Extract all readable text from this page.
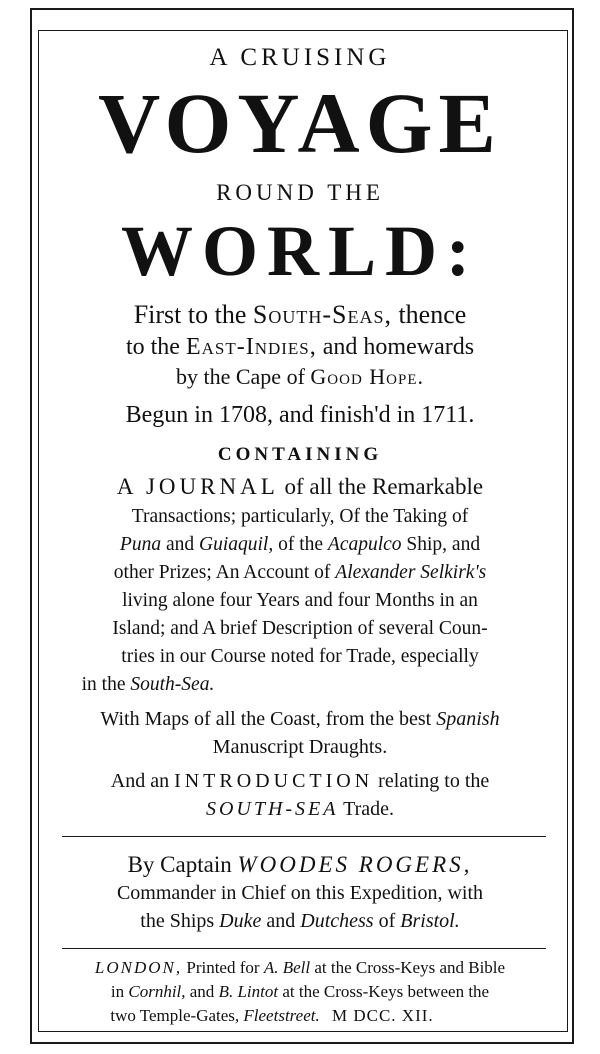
A CRUISING
VOYAGE
ROUND THE
WORLD:
First to the South-Seas, thence
to the East-Indies, and homewards
by the Cape of Good Hope.
Begun in 1708, and finish'd in 1711.
CONTAINING
A JOURNAL of all the Remarkable
Transactions; particularly, Of the Taking of
Puna and Guiaquil, of the Acapulco Ship, and
other Prizes; An Account of Alexander Selkirk's
living alone four Years and four Months in an
Island; and A brief Description of several Coun-
tries in our Course noted for Trade, especially
in the South-Sea.
With Maps of all the Coast, from the best Spanish
Manuscript Draughts.
And an INTRODUCTION relating to the
SOUTH-SEA Trade.
By Captain WOODES ROGERS,
Commander in Chief on this Expedition, with
the Ships Duke and Dutchess of Bristol.
LONDON, Printed for A. Bell at the Cross-Keys and Bible
in Cornhil, and B. Lintot at the Cross-Keys between the
two Temple-Gates, Fleetstreet. M DCC. XII.
